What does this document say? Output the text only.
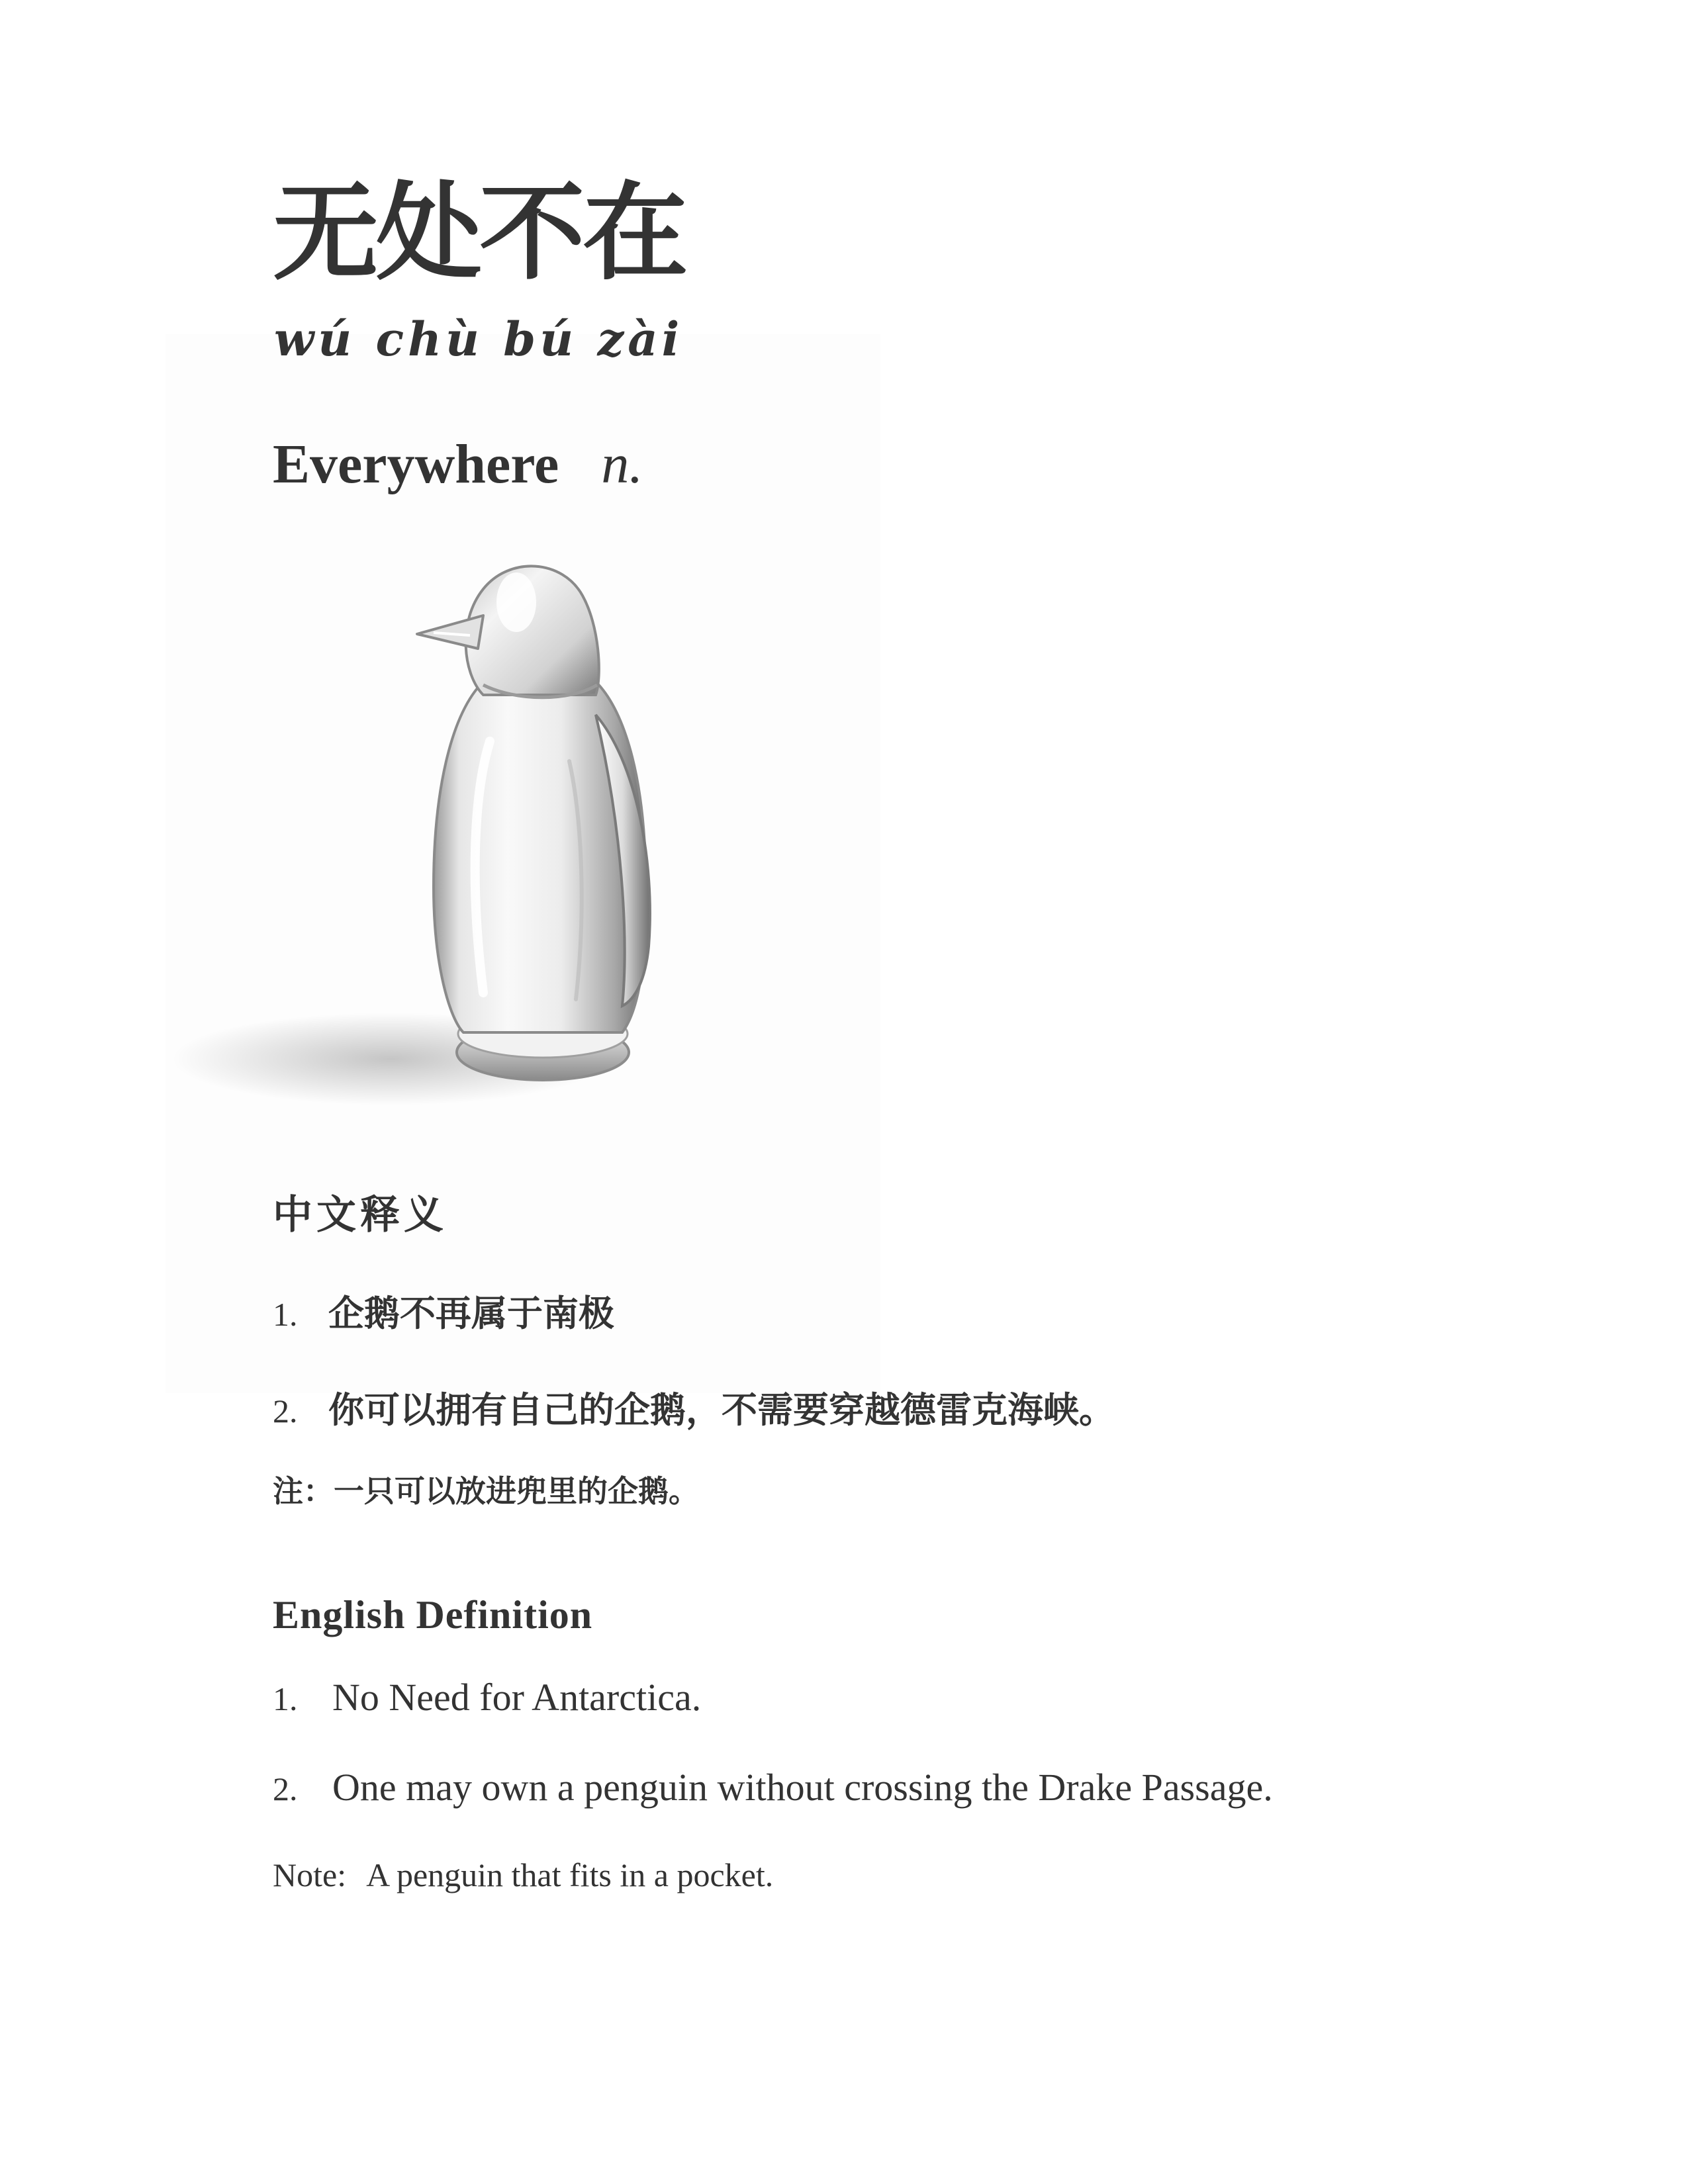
无处不在
wú chù bú zài
Everywhere n.
中文释义
1. 企鹅不再属于南极
2. 你可以拥有自己的企鹅，不需要穿越德雷克海峡。
注：一只可以放进兜里的企鹅。
English Definition
1. No Need for Antarctica.
2. One may own a penguin without crossing the Drake Passage.
Note: A penguin that fits in a pocket.
